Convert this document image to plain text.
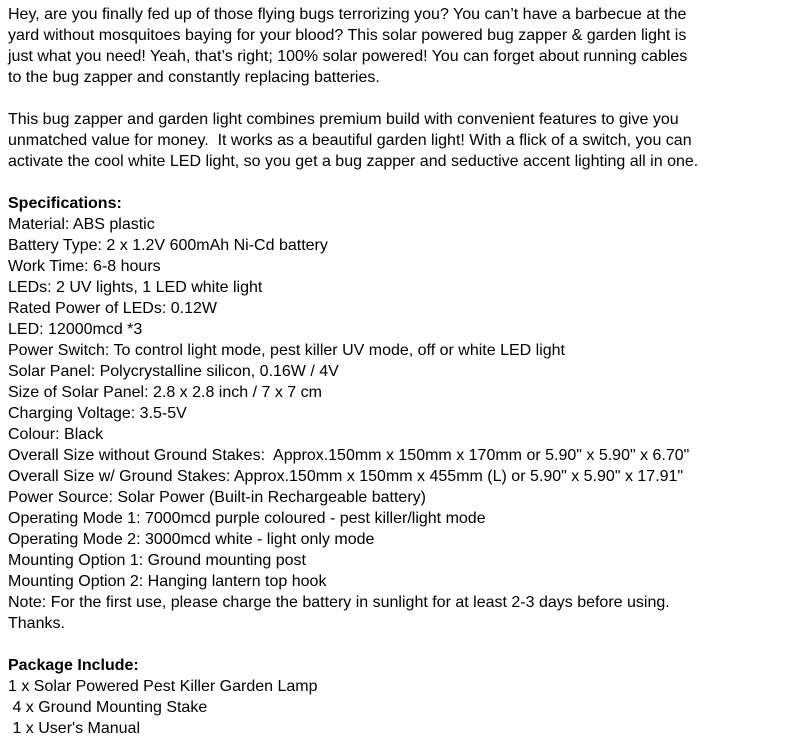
Hey, are you finally fed up of those flying bugs terrorizing you? You can’t have a barbecue at the
yard without mosquitoes baying for your blood? This solar powered bug zapper & garden light is
just what you need! Yeah, that’s right; 100% solar powered! You can forget about running cables
to the bug zapper and constantly replacing batteries.

This bug zapper and garden light combines premium build with convenient features to give you
unmatched value for money.  It works as a beautiful garden light! With a flick of a switch, you can
activate the cool white LED light, so you get a bug zapper and seductive accent lighting all in one.

Specifications:
Material: ABS plastic
Battery Type: 2 x 1.2V 600mAh Ni-Cd battery
Work Time: 6-8 hours
LEDs: 2 UV lights, 1 LED white light
Rated Power of LEDs: 0.12W
LED: 12000mcd *3
Power Switch: To control light mode, pest killer UV mode, off or white LED light
Solar Panel: Polycrystalline silicon, 0.16W / 4V
Size of Solar Panel: 2.8 x 2.8 inch / 7 x 7 cm
Charging Voltage: 3.5-5V
Colour: Black
Overall Size without Ground Stakes:  Approx.150mm x 150mm x 170mm or 5.90" x 5.90" x 6.70"
Overall Size w/ Ground Stakes: Approx.150mm x 150mm x 455mm (L) or 5.90" x 5.90" x 17.91"
Power Source: Solar Power (Built-in Rechargeable battery)
Operating Mode 1: 7000mcd purple coloured - pest killer/light mode
Operating Mode 2: 3000mcd white - light only mode
Mounting Option 1: Ground mounting post
Mounting Option 2: Hanging lantern top hook
Note: For the first use, please charge the battery in sunlight for at least 2-3 days before using.
Thanks.
Package Include:
1 x Solar Powered Pest Killer Garden Lamp
4 x Ground Mounting Stake
1 x User's Manual
